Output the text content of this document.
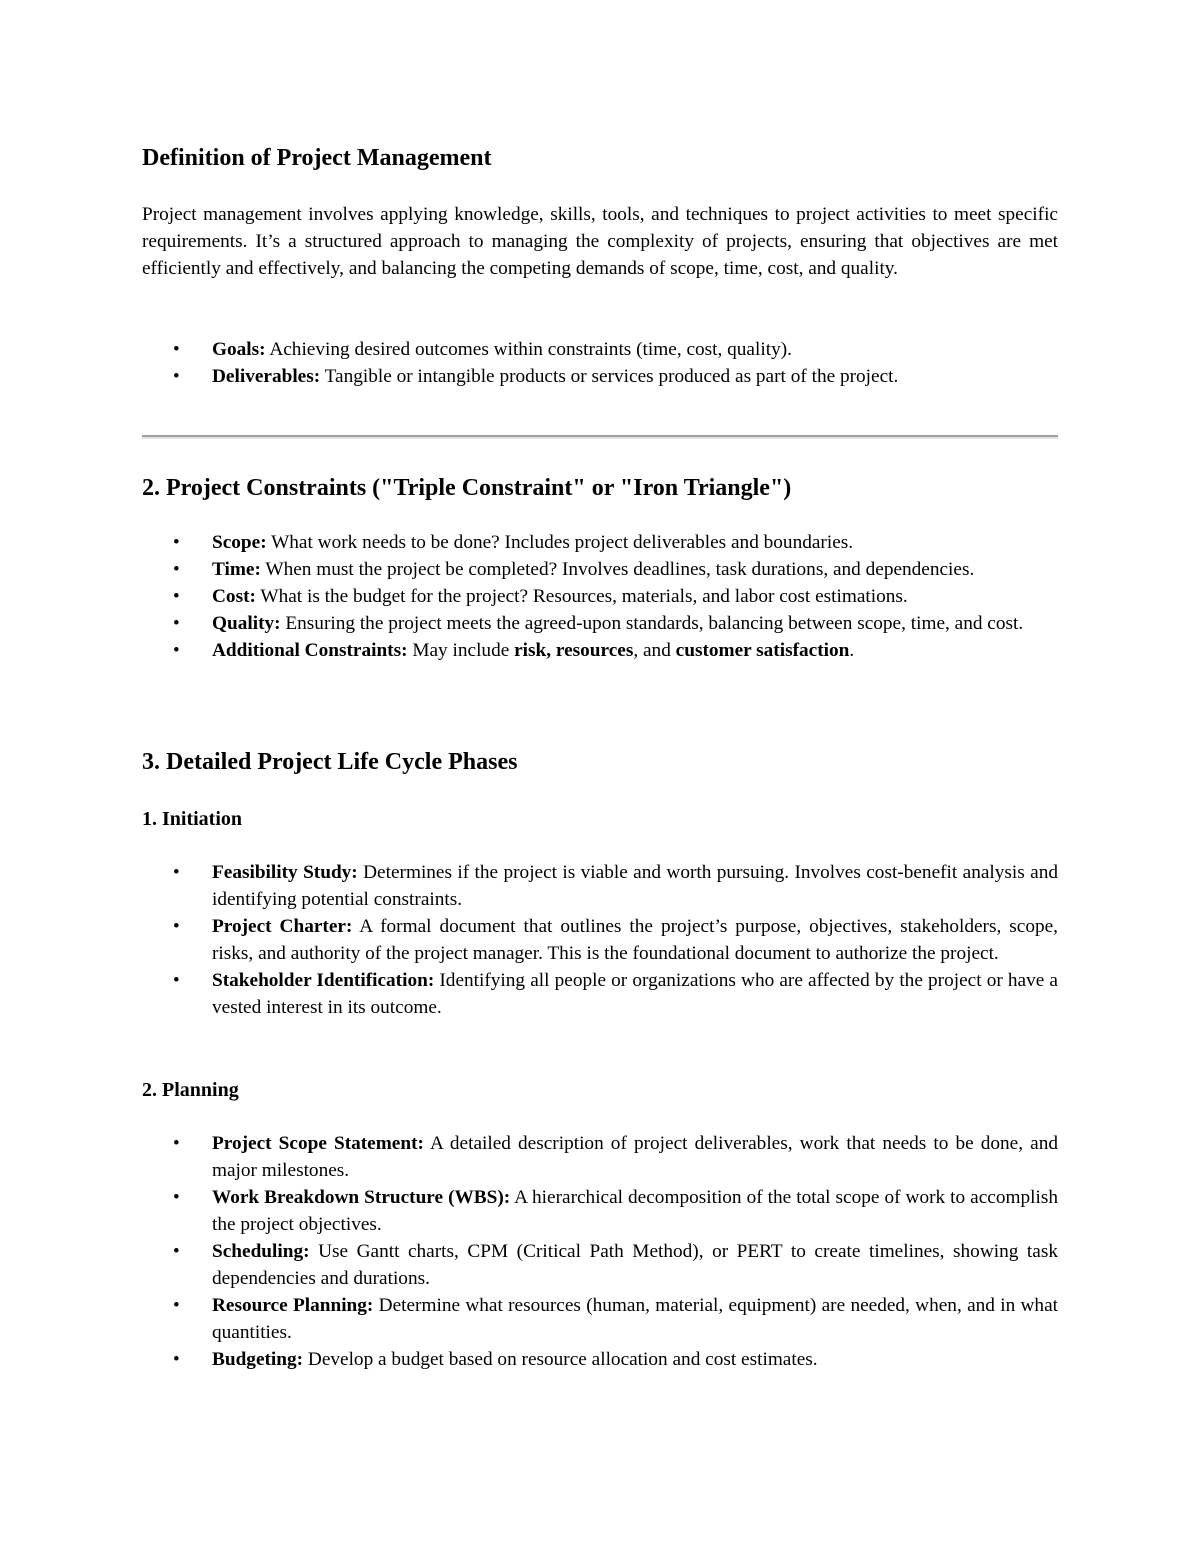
Definition of Project Management

Project management involves applying knowledge, skills, tools, and techniques to project activities to meet specific requirements. It’s a structured approach to managing the complexity of projects, ensuring that objectives are met efficiently and effectively, and balancing the competing demands of scope, time, cost, and quality.

• Goals: Achieving desired outcomes within constraints (time, cost, quality).
• Deliverables: Tangible or intangible products or services produced as part of the project.
2. Project Constraints ("Triple Constraint" or "Iron Triangle")
• Scope: What work needs to be done? Includes project deliverables and boundaries.
• Time: When must the project be completed? Involves deadlines, task durations, and dependencies.
• Cost: What is the budget for the project? Resources, materials, and labor cost estimations.
• Quality: Ensuring the project meets the agreed-upon standards, balancing between scope, time, and cost.
• Additional Constraints: May include risk, resources, and customer satisfaction.
3. Detailed Project Life Cycle Phases
1. Initiation
• Feasibility Study: Determines if the project is viable and worth pursuing. Involves cost-benefit analysis and identifying potential constraints.
• Project Charter: A formal document that outlines the project’s purpose, objectives, stakeholders, scope, risks, and authority of the project manager. This is the foundational document to authorize the project.
• Stakeholder Identification: Identifying all people or organizations who are affected by the project or have a vested interest in its outcome.
2. Planning
• Project Scope Statement: A detailed description of project deliverables, work that needs to be done, and major milestones.
• Work Breakdown Structure (WBS): A hierarchical decomposition of the total scope of work to accomplish the project objectives.
• Scheduling: Use Gantt charts, CPM (Critical Path Method), or PERT to create timelines, showing task dependencies and durations.
• Resource Planning: Determine what resources (human, material, equipment) are needed, when, and in what quantities.
• Budgeting: Develop a budget based on resource allocation and cost estimates.
